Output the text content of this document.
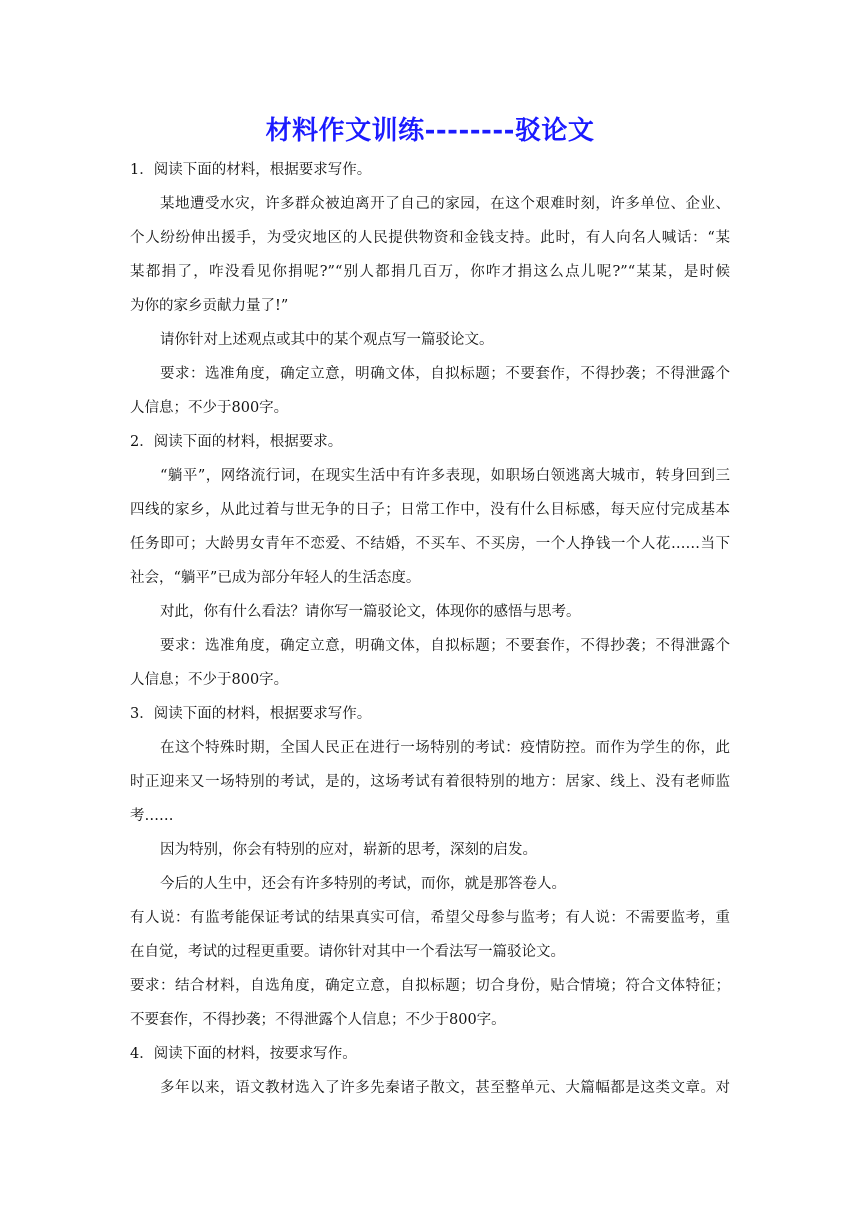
材料作文训练--------驳论文
1．阅读下面的材料，根据要求写作。
某地遭受水灾，许多群众被迫离开了自己的家园，在这个艰难时刻，许多单位、企业、
个人纷纷伸出援手，为受灾地区的人民提供物资和金钱支持。此时，有人向名人喊话：“某
某都捐了，咋没看见你捐呢?”“别人都捐几百万，你咋才捐这么点儿呢?”“某某，是时候
为你的家乡贡献力量了!”
请你针对上述观点或其中的某个观点写一篇驳论文。
要求：选准角度，确定立意，明确文体，自拟标题；不要套作，不得抄袭；不得泄露个
人信息；不少于800字。
2．阅读下面的材料，根据要求。
“躺平”，网络流行词，在现实生活中有许多表现，如职场白领逃离大城市，转身回到三
四线的家乡，从此过着与世无争的日子；日常工作中，没有什么目标感，每天应付完成基本
任务即可；大龄男女青年不恋爱、不结婚，不买车、不买房，一个人挣钱一个人花……当下
社会，“躺平”已成为部分年轻人的生活态度。
对此，你有什么看法？请你写一篇驳论文，体现你的感悟与思考。
要求：选准角度，确定立意，明确文体，自拟标题；不要套作，不得抄袭；不得泄露个
人信息；不少于800字。
3．阅读下面的材料，根据要求写作。
在这个特殊时期，全国人民正在进行一场特别的考试：疫情防控。而作为学生的你，此
时正迎来又一场特别的考试，是的，这场考试有着很特别的地方：居家、线上、没有老师监
考……
因为特别，你会有特别的应对，崭新的思考，深刻的启发。
今后的人生中，还会有许多特别的考试，而你，就是那答卷人。
有人说：有监考能保证考试的结果真实可信，希望父母参与监考；有人说：不需要监考，重
在自觉，考试的过程更重要。请你针对其中一个看法写一篇驳论文。
要求：结合材料，自选角度，确定立意，自拟标题；切合身份，贴合情境；符合文体特征；
不要套作，不得抄袭；不得泄露个人信息；不少于800字。
4．阅读下面的材料，按要求写作。
多年以来，语文教材选入了许多先秦诸子散文，甚至整单元、大篇幅都是这类文章。对
